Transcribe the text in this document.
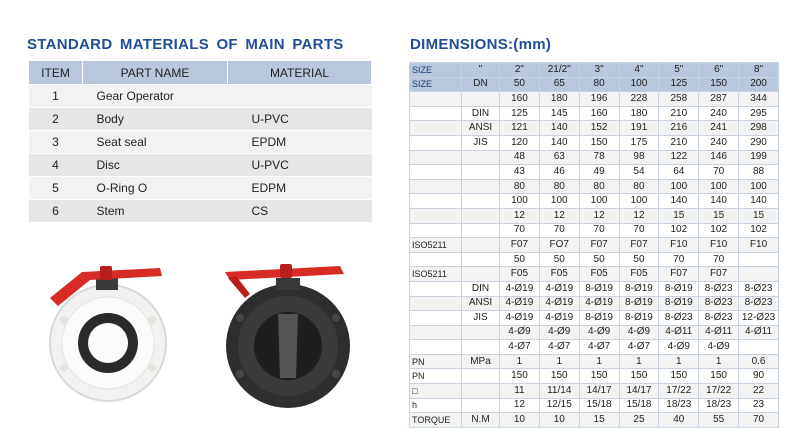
STANDARD MATERIALS OF MAIN PARTS	DIMENSIONS:(mm)
ITEM	PART NAME	MATERIAL
1	Gear Operator	
2	Body	U-PVC
3	Seat seal	EPDM
4	Disc	U-PVC
5	O-Ring O	EDPM
6	Stem	CS
SIZE	"	2"	21/2"	3"	4"	5"	6"	8"
SIZE	DN	50	65	80	100	125	150	200
		160	180	196	228	258	287	344
	DIN	125	145	160	180	210	240	295
	ANSI	121	140	152	191	216	241	298
	JIS	120	140	150	175	210	240	290
		48	63	78	98	122	146	199
		43	46	49	54	64	70	88
		80	80	80	80	100	100	100
		100	100	100	100	140	140	140
		12	12	12	12	15	15	15
		70	70	70	70	102	102	102
ISO5211		F07	FO7	F07	F07	F10	F10	F10
		50	50	50	50	70	70	
ISO5211		F05	F05	F05	F05	F07	F07	
	DIN	4-Ø19	4-Ø19	8-Ø19	8-Ø19	8-Ø19	8-Ø23	8-Ø23
	ANSI	4-Ø19	4-Ø19	4-Ø19	8-Ø19	8-Ø19	8-Ø23	8-Ø23
	JIS	4-Ø19	4-Ø19	8-Ø19	8-Ø19	8-Ø23	8-Ø23	12-Ø23
		4-Ø9	4-Ø9	4-Ø9	4-Ø9	4-Ø11	4-Ø11	4-Ø11
		4-Ø7	4-Ø7	4-Ø7	4-Ø7	4-Ø9	4-Ø9	
PN	MPa	1	1	1	1	1	1	0.6
PN		150	150	150	150	150	150	90
□		11	11/14	14/17	14/17	17/22	17/22	22
h		12	12/15	15/18	15/18	18/23	18/23	23
TORQUE	N.M	10	10	15	25	40	55	70
